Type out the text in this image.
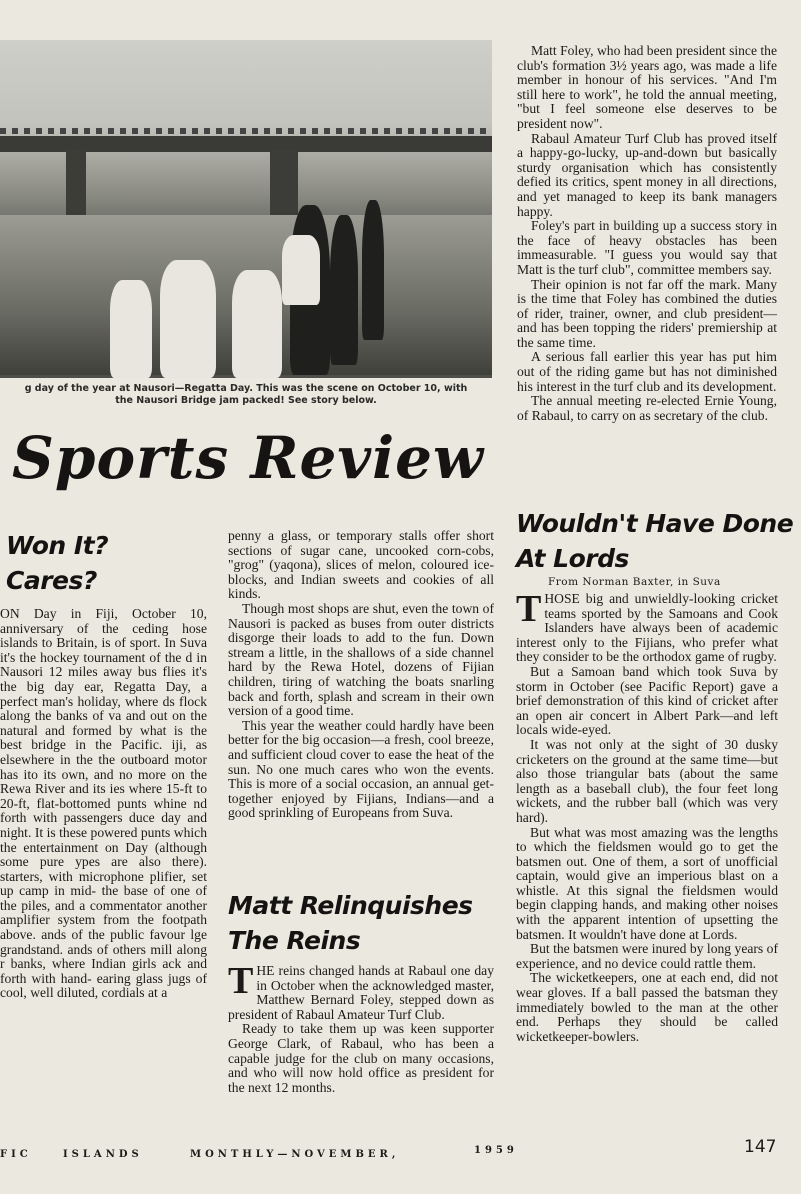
g day of the year at Nausori—Regatta Day. This was the scene on October 10, with
the Nausori Bridge jam packed! See story below.
Sports Review
Won It?
Cares?

ON Day in Fiji, October 10, anniversary of the ceding hose islands to Britain, is of sport. In Suva it's the hockey tournament of the d in Nausori 12 miles away bus flies it's the big day ear, Regatta Day, a perfect man's holiday, where ds flock along the banks of va and out on the natural and formed by what is the best bridge in the Pacific. iji, as elsewhere in the the outboard motor has ito its own, and no more on the Rewa River and its ies where 15-ft to 20-ft, flat-bottomed punts whine nd forth with passengers duce day and night. It is these powered punts which the entertainment on Day (although some pure ypes are also there). starters, with microphone plifier, set up camp in mid- the base of one of the piles, and a commentator another amplifier system from the footpath above. ands of the public favour lge grandstand. ands of others mill along r banks, where Indian girls ack and forth with hand- earing glass jugs of cool, well diluted, cordials at a

penny a glass, or temporary stalls offer short sections of sugar cane, uncooked corn-cobs, "grog" (yaqona), slices of melon, coloured ice-blocks, and Indian sweets and cookies of all kinds.

Though most shops are shut, even the town of Nausori is packed as buses from outer districts disgorge their loads to add to the fun. Down stream a little, in the shallows of a side channel hard by the Rewa Hotel, dozens of Fijian children, tiring of watching the boats snarling back and forth, splash and scream in their own version of a good time.

This year the weather could hardly have been better for the big occasion—a fresh, cool breeze, and sufficient cloud cover to ease the heat of the sun. No one much cares who won the events. This is more of a social occasion, an annual get-together enjoyed by Fijians, Indians—and a good sprinkling of Europeans from Suva.

Matt Relinquishes
The Reins

THE reins changed hands at Rabaul one day in October when the acknowledged master, Matthew Bernard Foley, stepped down as president of Rabaul Amateur Turf Club.

Ready to take them up was keen supporter George Clark, of Rabaul, who has been a capable judge for the club on many occasions, and who will now hold office as president for the next 12 months.

Matt Foley, who had been president since the club's formation 3½ years ago, was made a life member in honour of his services. "And I'm still here to work", he told the annual meeting, "but I feel someone else deserves to be president now".

Rabaul Amateur Turf Club has proved itself a happy-go-lucky, up-and-down but basically sturdy organisation which has consistently defied its critics, spent money in all directions, and yet managed to keep its bank managers happy.

Foley's part in building up a success story in the face of heavy obstacles has been immeasurable. "I guess you would say that Matt is the turf club", committee members say.

Their opinion is not far off the mark. Many is the time that Foley has combined the duties of rider, trainer, owner, and club president—and has been topping the riders' premiership at the same time.

A serious fall earlier this year has put him out of the riding game but has not diminished his interest in the turf club and its development.

The annual meeting re-elected Ernie Young, of Rabaul, to carry on as secretary of the club.

Wouldn't Have Done
At Lords
From Norman Baxter, in Suva

THOSE big and unwieldly-looking cricket teams sported by the Samoans and Cook Islanders have always been of academic interest only to the Fijians, who prefer what they consider to be the orthodox game of rugby.

But a Samoan band which took Suva by storm in October (see Pacific Report) gave a brief demonstration of this kind of cricket after an open air concert in Albert Park—and left locals wide-eyed.

It was not only at the sight of 30 dusky cricketers on the ground at the same time—but also those triangular bats (about the same length as a baseball club), the four feet long wickets, and the rubber ball (which was very hard).

But what was most amazing was the lengths to which the fieldsmen would go to get the batsmen out. One of them, a sort of unofficial captain, would give an imperious blast on a whistle. At this signal the fieldsmen would begin clapping hands, and making other noises with the apparent intention of upsetting the batsmen. It wouldn't have done at Lords.

But the batsmen were inured by long years of experience, and no device could rattle them.

The wicketkeepers, one at each end, did not wear gloves. If a ball passed the batsman they immediately bowled to the man at the other end. Perhaps they should be called wicketkeeper-bowlers.

FIC	ISLANDS	MONTHLY—NOVEMBER,	1959	147
